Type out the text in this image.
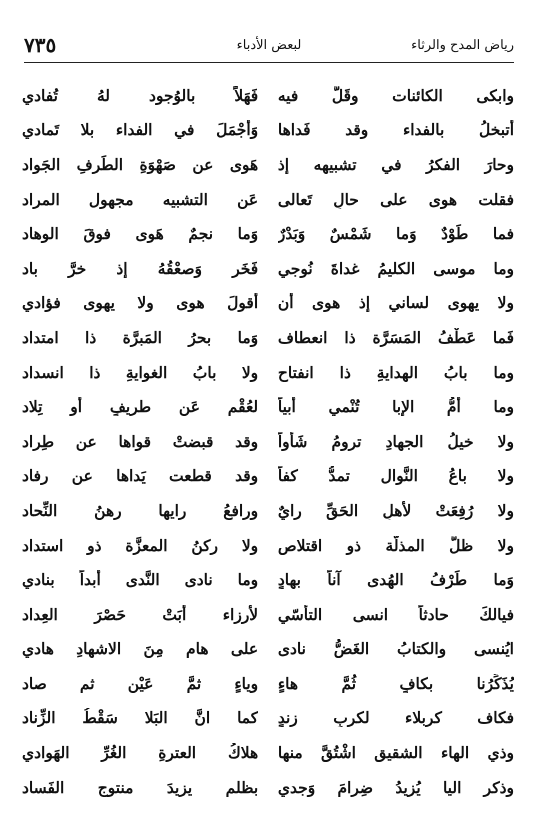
رياض المدح والرثاء
لبعض الأدباء
٧٣٥
وابكى الكائنات وقَلَّ فيه
فَهَلاً بالوُجود لهُ تُفادي
أتبخلُ بالفداء وقد فَداها
وَأجْمَلَ في الفداء بلا تَمادي
وحارَ الفكرُ في تشبيهه إذ
هَوى عن صَهْوَةِ الطِّرفِ الجَواد
فقلت هوى على حالٍ تَعالى
عَنِ التشبيه مجهول المراد
فما طَوْدٌ وَما شَمْسٌ وَبَدْرٌ
وَما نجمٌ هَوى فوقَ الوِهاد
وما موسى الكليمُ غداةَ نُوجي
فَخَر وَصعْقُهُ إذ خرَّ باد
ولا يهوى لساني إذ هوى أن
أقولَ هوى ولا يهوى فؤادي
فَما عَطْفُ المَسَرَّة ذا انعطاف
وَما بحرُ المَبرَّة ذا امتداد
وما بابُ الهدايةِ ذا انفتاحٍ
ولا بابُ الغوايةِ ذا انسداد
وما أمُّ الإبا تُنْمي أبياً
لعُقْمٍ عَن طريفٍ أو تِلاد
ولا خيلُ الجهادِ ترومُ شَأواً
وقد قبضتْ قواها عن طِراد
ولا باعُ النَّوال تمدُّ كفاً
وقد قطعت يَداها عن رفاد
ولا رُفِعَتْ لأهلِ الحَقِّ رايٌ
ورافعُ رايها رهنُ النِّحاد
ولا ظلُّ المذلَّة ذو اقتلاصٍ
ولا ركنُ المعزَّة ذو استداد
وَما طَرْفُ الهُدى آناً بهادٍ
وما نادى النَّدى أبداً بنادي
فيالكَ حادثاً انسى التأسّي
لأرزاء أَبَتْ حَصْرَ العِداد
ايُنسى والكتابُ الغَضُّ نادى
على هامٍ مِنَ الاشهادِ هادي
يُذَكِّرُنا بكافٍ ثُمَّ هاءٍ
وياءٍ ثمَّ عَيْنٍ ثم صاد
فكاف كربلاء لكربِ زندٍ
كما انَّ البَلا سَقْطُ الزِّناد
وذي الهاء الشقيق اشْتُقَّ منها
هلاكُ العترةِ الغُرِّ الهَوادي
وذكر اليا يُزيدُ ضِرامَ وَجدي
بظلمِ يزيدَ منتوجِ الفَساد
